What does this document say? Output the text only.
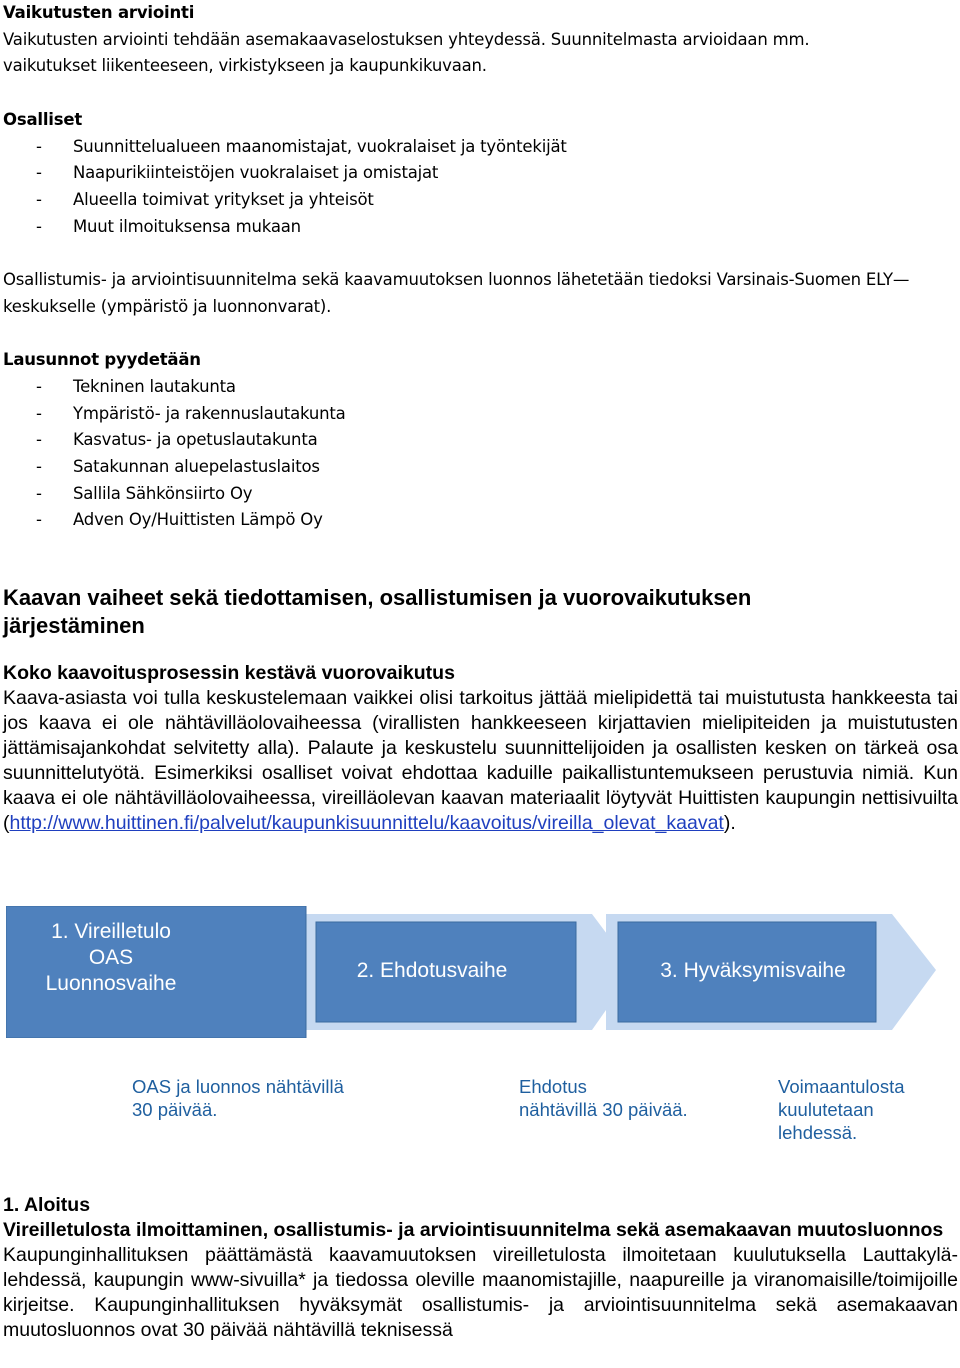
Vaikutusten arviointi

Vaikutusten arviointi tehdään asemakaavaselostuksen yhteydessä. Suunnitelmasta arvioidaan mm. vaikutukset liikenteeseen, virkistykseen ja kaupunkikuvaan.

Osalliset

- Suunnittelualueen maanomistajat, vuokralaiset ja työntekijät
- Naapurikiinteistöjen vuokralaiset ja omistajat
- Alueella toimivat yritykset ja yhteisöt
- Muut ilmoituksensa mukaan

Osallistumis- ja arviointisuunnitelma sekä kaavamuutoksen luonnos lähetetään tiedoksi Varsinais-Suomen ELY—keskukselle (ympäristö ja luonnonvarat).

Lausunnot pyydetään

- Tekninen lautakunta
- Ympäristö- ja rakennuslautakunta
- Kasvatus- ja opetuslautakunta
- Satakunnan aluepelastuslaitos
- Sallila Sähkönsiirto Oy
- Adven Oy/Huittisten Lämpö Oy
Kaavan vaiheet sekä tiedottamisen, osallistumisen ja vuorovaikutuksen järjestäminen

Koko kaavoitusprosessin kestävä vuorovaikutus

Kaava-asiasta voi tulla keskustelemaan vaikkei olisi tarkoitus jättää mielipidettä tai muistutusta hankkeesta tai jos kaava ei ole nähtävilläolovaiheessa (virallisten hankkeeseen kirjattavien mielipiteiden ja muistutusten jättämisajankohdat selvitetty alla). Palaute ja keskustelu suunnittelijoiden ja osallisten kesken on tärkeä osa suunnittelutyötä. Esimerkiksi osalliset voivat ehdottaa kaduille paikallistuntemukseen perustuvia nimiä. Kun kaava ei ole nähtävilläolovaiheessa, vireilläolevan kaavan materiaalit löytyvät Huittisten kaupungin nettisivuilta (http://www.huittinen.fi/palvelut/kaupunkisuunnittelu/kaavoitus/vireilla_olevat_kaavat).

1. Vireilletulo
OAS
Luonnosvaihe
2. Ehdotusvaihe	3. Hyväksymisvaihe
OAS ja luonnos nähtävillä
30 päivää.
Ehdotus
nähtävillä 30 päivää.
Voimaantulosta
kuulutetaan
lehdessä.

1. Aloitus

Vireilletulosta ilmoittaminen, osallistumis- ja arviointisuunnitelma sekä asemakaavan muutosluonnos

Kaupunginhallituksen päättämästä kaavamuutoksen vireilletulosta ilmoitetaan kuulutuksella Lauttakylä-lehdessä, kaupungin www-sivuilla* ja tiedossa oleville maanomistajille, naapureille ja viranomaisille/toimijoille kirjeitse. Kaupunginhallituksen hyväksymät osallistumis- ja arviointisuunnitelma sekä asemakaavan muutosluonnos ovat 30 päivää nähtävillä teknisessä
